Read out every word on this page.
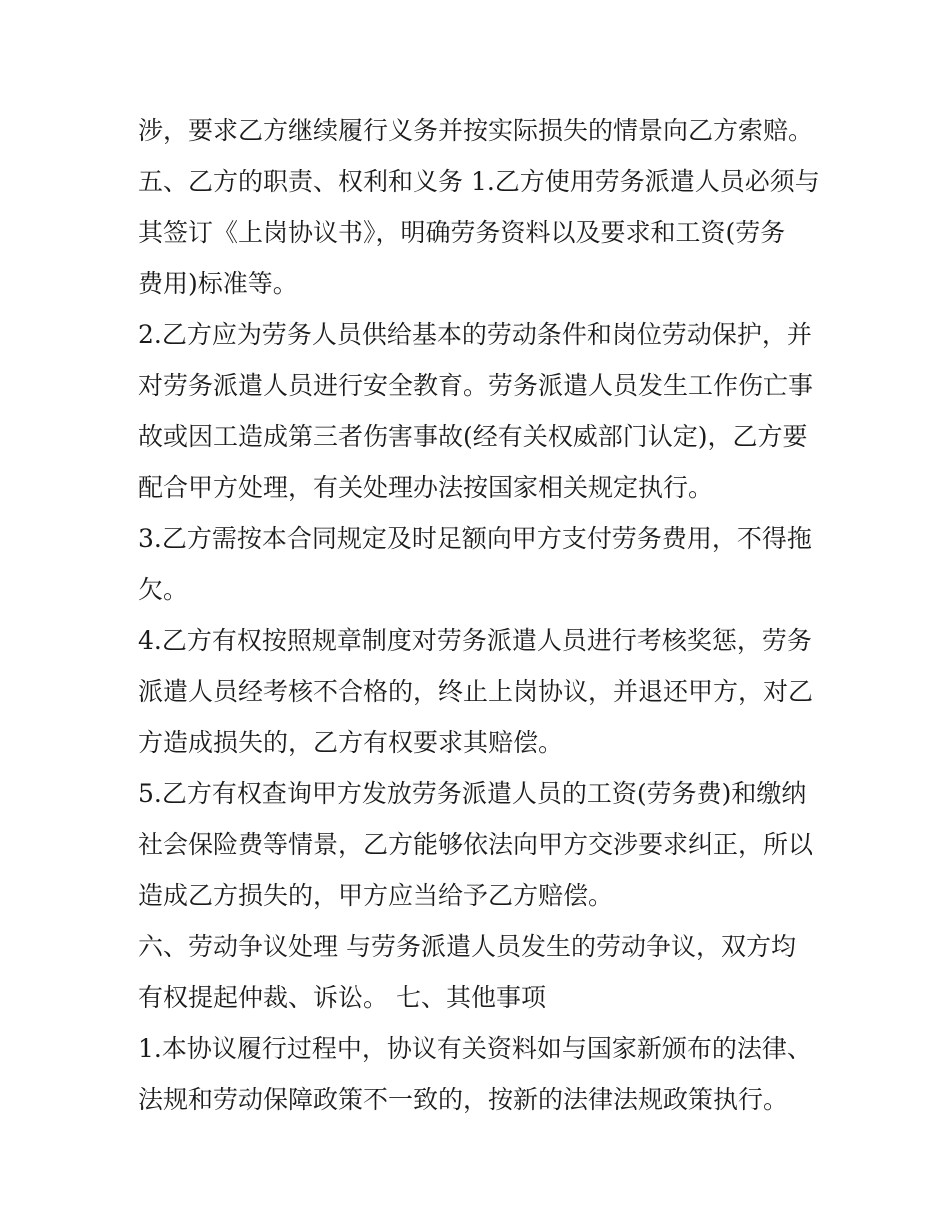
涉，要求乙方继续履行义务并按实际损失的情景向乙方索赔。
五、乙方的职责、权利和义务 1.乙方使用劳务派遣人员必须与
其签订《上岗协议书》，明确劳务资料以及要求和工资(劳务
费用)标准等。
2.乙方应为劳务人员供给基本的劳动条件和岗位劳动保护，并
对劳务派遣人员进行安全教育。劳务派遣人员发生工作伤亡事
故或因工造成第三者伤害事故(经有关权威部门认定)，乙方要
配合甲方处理，有关处理办法按国家相关规定执行。
3.乙方需按本合同规定及时足额向甲方支付劳务费用，不得拖
欠。
4.乙方有权按照规章制度对劳务派遣人员进行考核奖惩，劳务
派遣人员经考核不合格的，终止上岗协议，并退还甲方，对乙
方造成损失的，乙方有权要求其赔偿。
5.乙方有权查询甲方发放劳务派遣人员的工资(劳务费)和缴纳
社会保险费等情景，乙方能够依法向甲方交涉要求纠正，所以
造成乙方损失的，甲方应当给予乙方赔偿。
六、劳动争议处理 与劳务派遣人员发生的劳动争议，双方均
有权提起仲裁、诉讼。 七、其他事项
1.本协议履行过程中，协议有关资料如与国家新颁布的法律、
法规和劳动保障政策不一致的，按新的法律法规政策执行。
